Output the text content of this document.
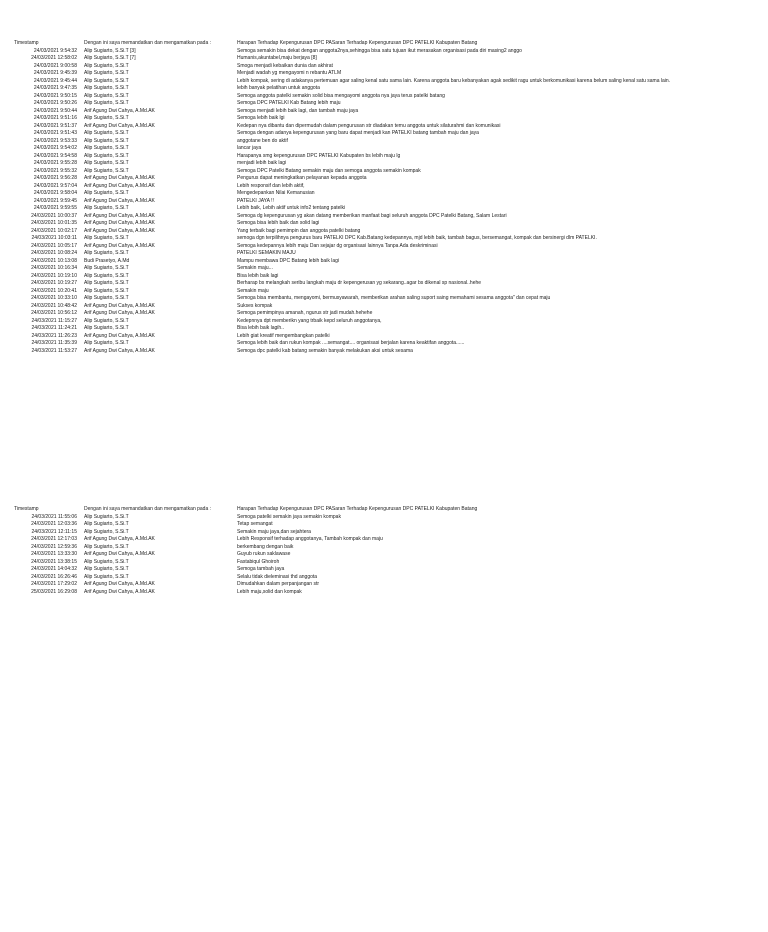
Timestamp	Dengan ini saya memandatkan dan mengamatkan pada :	Harapan Terhadap Kepengurusan DPC PASaran Terhadap Kepengurusan DPC PATELKI Kabupaten Batang
24/03/2021 9:54:32 Alip Sugiarto, S.Si.T [3]	Semoga semakin bisa dekat dengan anggota2nya,sehingga bisa satu tujuan ikut merasakan organisasi pada diri masing2 anggo
24/03/2021 12:58:02 Alip Sugiarto, S.Si.T [7]	Humanis,akuntabel,maju berjaya [8]
24/03/2021 9:00:58 Alip Sugiarto, S.Si.T	Smoga menjadi kebaikan dunia dan akhirat
24/03/2021 9:45:39 Alip Sugiarto, S.Si.T	Menjadi wadah yg mengayomi n rebantu ATLM
24/03/2021 9:45:44 Alip Sugiarto, S.Si.T	Lebih kompak, sering di adakanya pertemuan agar saling kenal satu sama lain. Karena anggota baru kebanyakan agak sedikit ragu untuk berkomunikasi karena belum saling kenal satu sama lain.
24/03/2021 9:47:35 Alip Sugiarto, S.Si.T	lebih banyak pelatihan untuk anggota
24/03/2021 9:50:15 Alip Sugiarto, S.Si.T	Semoga anggota patelki semakin solid bisa mengayomi anggota nya jaya terus patelki batang
24/03/2021 9:50:26 Alip Sugiarto, S.Si.T	Semoga DPC PATELKI Kab Batang lebih maju
24/03/2021 9:50:44 Arif Agung Dwi Cahya, A.Md.AK	Semoga menjadi lebih baik lagi, dan tambah maju jaya
24/03/2021 9:51:16 Alip Sugiarto, S.Si.T	Semoga lebih baik lgi
24/03/2021 9:51:37 Arif Agung Dwi Cahya, A.Md.AK	Kedepan nya dibantu dan dipermudah dalam pengurusan str diadakan temu anggota untuk silaturahmi dan komunikasi
24/03/2021 9:51:43 Alip Sugiarto, S.Si.T	Semoga dengan adanya kepengurusan yang baru dapat menjadi kan PATELKI batang tambah maju dan jaya
24/03/2021 9:53:33 Alip Sugiarto, S.Si.T	anggotane ben do aktif
24/03/2021 9:54:02 Alip Sugiarto, S.Si.T	lancar jaya
24/03/2021 9:54:58 Alip Sugiarto, S.Si.T	Harapanya smg kepengurusan DPC PATELKI Kabupaten bs lebih maju lg
24/03/2021 9:55:28 Alip Sugiarto, S.Si.T	menjadi lebih baik lagi
24/03/2021 9:55:32 Alip Sugiarto, S.Si.T	Semoga DPC Patelki Batang semakin maju dan semoga anggota semakin kompak
24/03/2021 9:56:28 Arif Agung Dwi Cahya, A.Md.AK	Pengurus dapat meningkatkan pelayanan kepada anggota
24/03/2021 9:57:04 Arif Agung Dwi Cahya, A.Md.AK	Lebih responsif dan lebih aktif,
24/03/2021 9:58:04 Alip Sugiarto, S.Si.T	Mengedepankan Nilai Kemanusian
24/03/2021 9:59:45 Arif Agung Dwi Cahya, A.Md.AK	PATELKI JAYA !!
24/03/2021 9:59:55 Alip Sugiarto, S.Si.T	Lebih baik, Lebih aktif untuk info2 tentang patelki
24/03/2021 10:00:37 Arif Agung Dwi Cahya, A.Md.AK	Semoga dg kepengurusan yg akan datang memberikan manfaat bagi seluruh anggota DPC Patelki Batang, Salam Lestari
24/03/2021 10:01:35 Arif Agung Dwi Cahya, A.Md.AK	Semoga bisa lebih baik dan solid lagi
24/03/2021 10:02:17 Arif Agung Dwi Cahya, A.Md.AK	Yang terbaik bagi pemimpin dan anggota patelki batang
24/03/2021 10:03:11 Alip Sugiarto, S.Si.T	semoga dgn terpilihnya pengurus baru PATELKI DPC Kab.Batang kedepannya, mjd lebih baik, tambah bagus, bersemangat, kompak dan bersinergi dlm PATELKI.
24/03/2021 10:05:17 Arif Agung Dwi Cahya, A.Md.AK	Semoga kedepannya lebih maju Dan sejajar dg organisasi lainnya Tanpa Ada deskriminasi
24/03/2021 10:08:24 Alip Sugiarto, S.Si.T	PATELKI SEMAKIN MAJU
24/03/2021 10:13:08 Budi Prasetyo, A.Md	Mampu membawa DPC Batang lebih baik lagi
24/03/2021 10:16:34 Alip Sugiarto, S.Si.T	Semakin maju...
24/03/2021 10:19:10 Alip Sugiarto, S.Si.T	Bisa lebih baik lagi
24/03/2021 10:19:27 Alip Sugiarto, S.Si.T	Berharap bs melangkah seribu langkah maju dr kepengerusan yg sekarang..agar bs dikenal sp nasional..hehe
24/03/2021 10:20:41 Alip Sugiarto, S.Si.T	Semakin maju
24/03/2021 10:33:10 Alip Sugiarto, S.Si.T	Semoga bisa membantu, mengayomi, bermusyawarah, memberikan arahan saling suport saing memahami sesama anggota" dan cepat maju
24/03/2021 10:48:42 Arif Agung Dwi Cahya, A.Md.AK	Sukses kompak
24/03/2021 10:56:12 Arif Agung Dwi Cahya, A.Md.AK	Semoga pemimpinya amanah, ngurus str jadi mudah.hehehe
24/03/2021 11:15:27 Alip Sugiarto, S.Si.T	Kedepnnya dpt memberikn yang trbaik kepd seluruh anggotanya,
24/03/2021 11:24:21 Alip Sugiarto, S.Si.T	Bisa lebih baik lagih..
24/03/2021 11:26:23 Arif Agung Dwi Cahya, A.Md.AK	Lebih giat kreatif mengembangkan patelki
24/03/2021 11:35:39 Alip Sugiarto, S.Si.T	Semoga lebih baik dan rukun kompak ....semangat.... organisasi berjalan karena keaktifan anggota......
24/03/2021 11:53:27 Arif Agung Dwi Cahya, A.Md.AK	Semoga dpc patelki kab batang semakin banyak melakukan aksi untuk sesama
Timestamp	Dengan ini saya memandatkan dan mengamatkan pada :	Harapan Terhadap Kepengurusan DPC PASaran Terhadap Kepengurusan DPC PATELKI Kabupaten Batang
24/03/2021 11:55:06 Alip Sugiarto, S.Si.T	Semoga patelki semakin jaya semakin kompak
24/03/2021 12:03:36 Alip Sugiarto, S.Si.T	Tetap semangat
24/03/2021 12:11:15 Alip Sugiarto, S.Si.T	Semakin maju jaya,dan sejahtera
24/03/2021 12:17:03 Arif Agung Dwi Cahya, A.Md.AK	Lebih Responsif terhadap anggotanya, Tambah kompak dan maju
24/03/2021 12:59:36 Alip Sugiarto, S.Si.T	berkembang dengan baik
24/03/2021 13:33:30 Arif Agung Dwi Cahya, A.Md.AK	Guyub rukun saklawase
24/03/2021 13:38:15 Alip Sugiarto, S.Si.T	Fastabiqul Ghoiroh
24/03/2021 14:04:32 Alip Sugiarto, S.Si.T	Semoga tambah jaya
24/03/2021 16:26:46 Alip Sugiarto, S.Si.T	Selalu tidak dieleminasi thd anggota
24/03/2021 17:29:02 Arif Agung Dwi Cahya, A.Md.AK	Dimudahkan dalam perpanjangan str
25/03/2021 16:29:08 Arif Agung Dwi Cahya, A.Md.AK	Lebih maju,solid dan kompak
